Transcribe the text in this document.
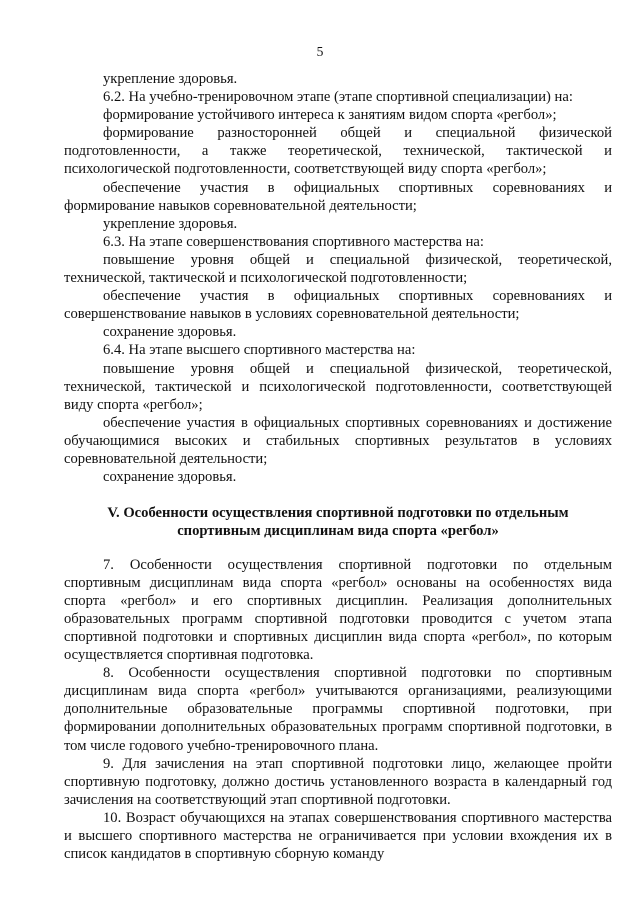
5

укрепление здоровья.

6.2. На учебно-тренировочном этапе (этапе спортивной специализации) на:

формирование устойчивого интереса к занятиям видом спорта «регбол»;

формирование разносторонней общей и специальной физической подготовленности, а также теоретической, технической, тактической и психологической подготовленности, соответствующей виду спорта «регбол»;

обеспечение участия в официальных спортивных соревнованиях и формирование навыков соревновательной деятельности;

укрепление здоровья.

6.3. На этапе совершенствования спортивного мастерства на:

повышение уровня общей и специальной физической, теоретической, технической, тактической и психологической подготовленности;

обеспечение участия в официальных спортивных соревнованиях и совершенствование навыков в условиях соревновательной деятельности;

сохранение здоровья.

6.4. На этапе высшего спортивного мастерства на:

повышение уровня общей и специальной физической, теоретической, технической, тактической и психологической подготовленности, соответствующей виду спорта «регбол»;

обеспечение участия в официальных спортивных соревнованиях и достижение обучающимися высоких и стабильных спортивных результатов в условиях соревновательной деятельности;

сохранение здоровья.

V. Особенности осуществления спортивной подготовки по отдельным спортивным дисциплинам вида спорта «регбол»

7. Особенности осуществления спортивной подготовки по отдельным спортивным дисциплинам вида спорта «регбол» основаны на особенностях вида спорта «регбол» и его спортивных дисциплин. Реализация дополнительных образовательных программ спортивной подготовки проводится с учетом этапа спортивной подготовки и спортивных дисциплин вида спорта «регбол», по которым осуществляется спортивная подготовка.

8. Особенности осуществления спортивной подготовки по спортивным дисциплинам вида спорта «регбол» учитываются организациями, реализующими дополнительные образовательные программы спортивной подготовки, при формировании дополнительных образовательных программ спортивной подготовки, в том числе годового учебно-тренировочного плана.

9. Для зачисления на этап спортивной подготовки лицо, желающее пройти спортивную подготовку, должно достичь установленного возраста в календарный год зачисления на соответствующий этап спортивной подготовки.

10. Возраст обучающихся на этапах совершенствования спортивного мастерства и высшего спортивного мастерства не ограничивается при условии вхождения их в список кандидатов в спортивную сборную команду
